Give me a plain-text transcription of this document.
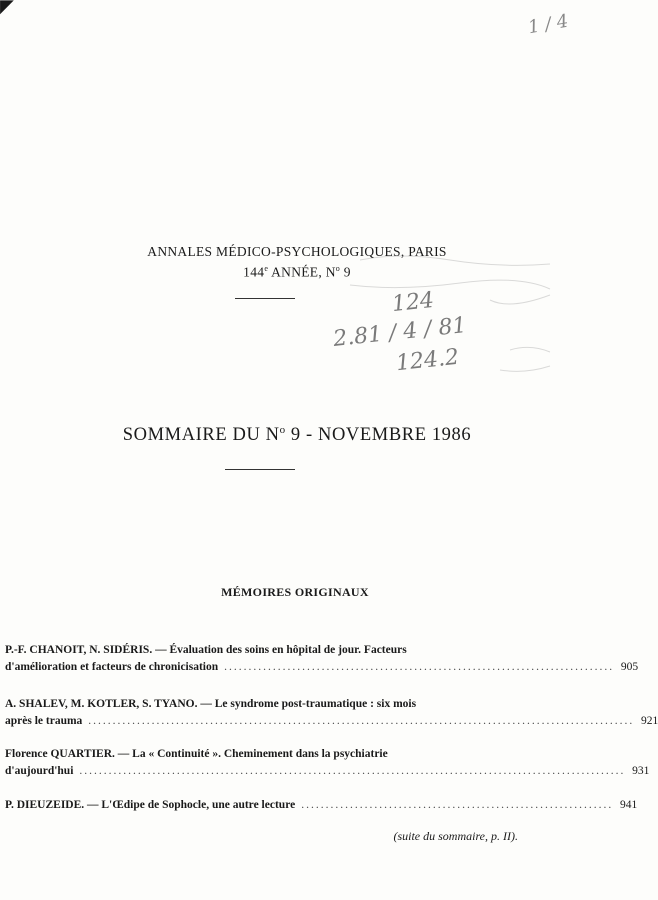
◤
1 / 4
ANNALES MÉDICO-PSYCHOLOGIQUES, PARIS
144e ANNÉE, $N^o$ 9
124
2.81 / 4 / 81
124.2
SOMMAIRE DU $N^o$ 9 - NOVEMBRE 1986
MÉMOIRES ORIGINAUX
P.-F. CHANOIT, N. SIDÉRIS. — Évaluation des soins en hôpital de jour. Facteurs
d'amélioration et facteurs de chronicisation ................................................................................ 905
A. SHALEV, M. KOTLER, S. TYANO. — Le syndrome post-traumatique : six mois
après le trauma ................................................................................................................ 921
Florence QUARTIER. — La « Continuité ». Cheminement dans la psychiatrie
d'aujourd'hui ................................................................................................................ 931
P. DIEUZEIDE. — L'Œdipe de Sophocle, une autre lecture ................................................................ 941
(suite du sommaire, p. II).
